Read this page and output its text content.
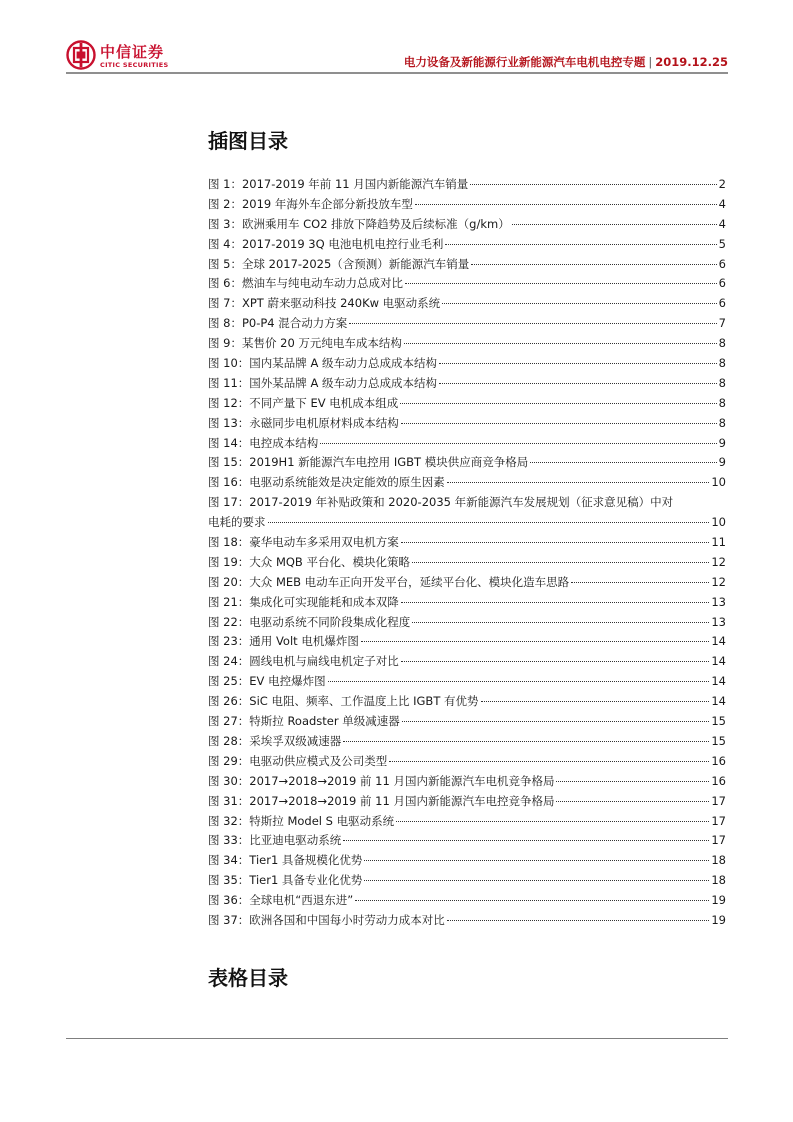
中信证券
CITIC SECURITIES	电力设备及新能源行业新能源汽车电机电控专题 | 2019.12.25
插图目录
图 1：2017-2019 年前 11 月国内新能源汽车销量	2
图 2：2019 年海外车企部分新投放车型	4
图 3：欧洲乘用车 CO2 排放下降趋势及后续标准（g/km）	4
图 4：2017-2019 3Q 电池电机电控行业毛利	5
图 5：全球 2017-2025（含预测）新能源汽车销量	6
图 6：燃油车与纯电动车动力总成对比	6
图 7：XPT 蔚来驱动科技 240Kw 电驱动系统	6
图 8：P0-P4 混合动力方案	7
图 9：某售价 20 万元纯电车成本结构	8
图 10：国内某品牌 A 级车动力总成成本结构	8
图 11：国外某品牌 A 级车动力总成成本结构	8
图 12：不同产量下 EV 电机成本组成	8
图 13：永磁同步电机原材料成本结构	8
图 14：电控成本结构	9
图 15：2019H1 新能源汽车电控用 IGBT 模块供应商竞争格局	9
图 16：电驱动系统能效是决定能效的原生因素	10
图 17：2017-2019 年补贴政策和 2020-2035 年新能源汽车发展规划（征求意见稿）中对
电耗的要求	10
图 18：豪华电动车多采用双电机方案	11
图 19：大众 MQB 平台化、模块化策略	12
图 20：大众 MEB 电动车正向开发平台，延续平台化、模块化造车思路	12
图 21：集成化可实现能耗和成本双降	13
图 22：电驱动系统不同阶段集成化程度	13
图 23：通用 Volt 电机爆炸图	14
图 24：圆线电机与扁线电机定子对比	14
图 25：EV 电控爆炸图	14
图 26：SiC 电阻、频率、工作温度上比 IGBT 有优势	14
图 27：特斯拉 Roadster 单级减速器	15
图 28：采埃孚双级减速器	15
图 29：电驱动供应模式及公司类型	16
图 30：2017→2018→2019 前 11 月国内新能源汽车电机竞争格局	16
图 31：2017→2018→2019 前 11 月国内新能源汽车电控竞争格局	17
图 32：特斯拉 Model S 电驱动系统	17
图 33：比亚迪电驱动系统	17
图 34：Tier1 具备规模化优势	18
图 35：Tier1 具备专业化优势	18
图 36：全球电机“西退东进”	19
图 37：欧洲各国和中国每小时劳动力成本对比	19
表格目录
